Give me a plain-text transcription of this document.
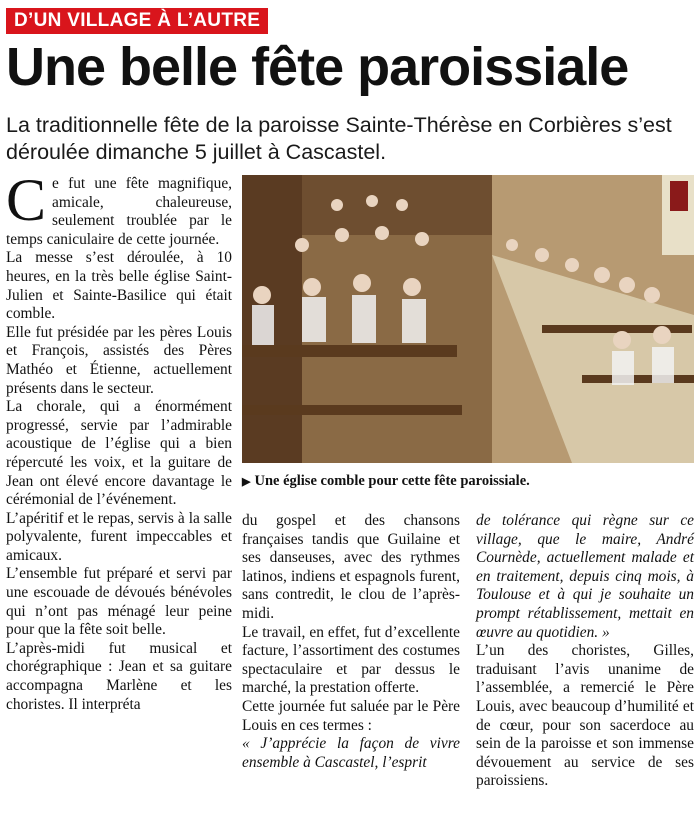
D’UN VILLAGE À L’AUTRE
Une belle fête paroissiale
La traditionnelle fête de la paroisse Sainte-Thérèse en Corbières s’est déroulée dimanche 5 juillet à Cascastel.

Ce fut une fête magnifique, amicale, chaleureuse, seulement troublée par le temps caniculaire de cette journée.

La messe s’est déroulée, à 10 heures, en la très belle église Saint-Julien et Sainte-Basilice qui était comble.

Elle fut présidée par les pères Louis et François, assistés des Pères Mathéo et Étienne, actuellement présents dans le secteur.

La chorale, qui a énormément progressé, servie par l’admirable acoustique de l’église qui a bien répercuté les voix, et la guitare de Jean ont élevé encore davantage le cérémonial de l’événement.

L’apéritif et le repas, servis à la salle polyvalente, furent impeccables et amicaux.

L’ensemble fut préparé et servi par une escouade de dévoués bénévoles qui n’ont pas ménagé leur peine pour que la fête soit belle.

L’après-midi fut musical et chorégraphique : Jean et sa guitare accompagna Marlène et les choristes. Il interpréta

▶ Une église comble pour cette fête paroissiale.

du gospel et des chansons françaises tandis que Guilaine et ses danseuses, avec des rythmes latinos, indiens et espagnols furent, sans contredit, le clou de l’après-midi.

Le travail, en effet, fut d’excellente facture, l’assortiment des costumes spectaculaire et par dessus le marché, la prestation offerte.

Cette journée fut saluée par le Père Louis en ces termes :

« J’apprécie la façon de vivre ensemble à Cascastel, l’esprit

de tolérance qui règne sur ce village, que le maire, André Cournède, actuellement malade et en traitement, depuis cinq mois, à Toulouse et à qui je souhaite un prompt rétablissement, mettait en œuvre au quotidien. »

L’un des choristes, Gilles, traduisant l’avis unanime de l’assemblée, a remercié le Père Louis, avec beaucoup d’humilité et de cœur, pour son sacerdoce au sein de la paroisse et son immense dévouement au service de ses paroissiens.
